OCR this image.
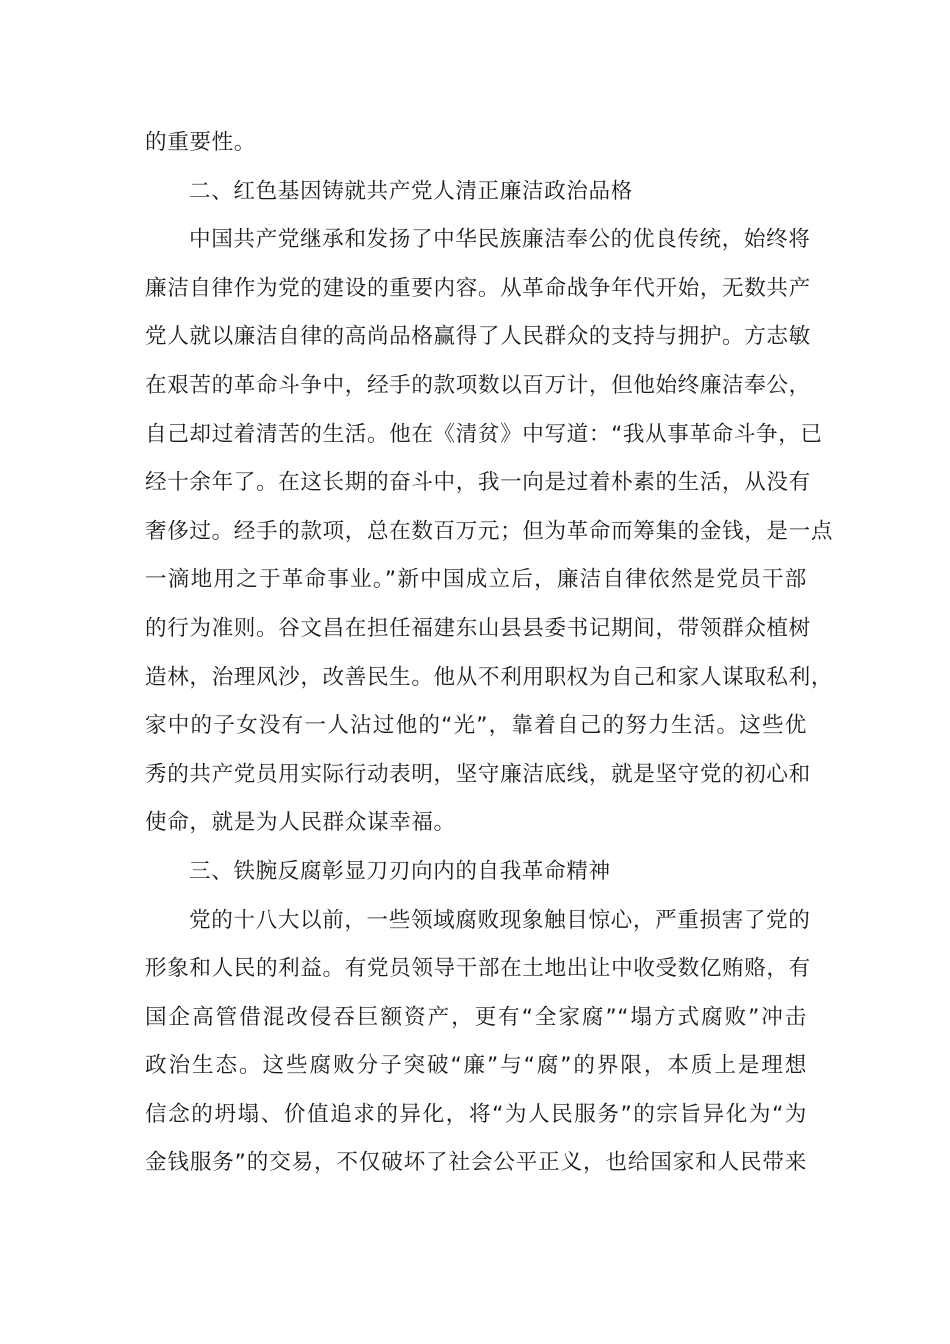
的重要性。
二、红色基因铸就共产党人清正廉洁政治品格
中国共产党继承和发扬了中华民族廉洁奉公的优良传统，始终将
廉洁自律作为党的建设的重要内容。从革命战争年代开始，无数共产
党人就以廉洁自律的高尚品格赢得了人民群众的支持与拥护。方志敏
在艰苦的革命斗争中，经手的款项数以百万计，但他始终廉洁奉公，
自己却过着清苦的生活。他在《清贫》中写道：“我从事革命斗争，已
经十余年了。在这长期的奋斗中，我一向是过着朴素的生活，从没有
奢侈过。经手的款项，总在数百万元；但为革命而筹集的金钱，是一点
一滴地用之于革命事业。”新中国成立后，廉洁自律依然是党员干部
的行为准则。谷文昌在担任福建东山县县委书记期间，带领群众植树
造林，治理风沙，改善民生。他从不利用职权为自己和家人谋取私利，
家中的子女没有一人沾过他的“光”，靠着自己的努力生活。这些优
秀的共产党员用实际行动表明，坚守廉洁底线，就是坚守党的初心和
使命，就是为人民群众谋幸福。
三、铁腕反腐彰显刀刃向内的自我革命精神
党的十八大以前，一些领域腐败现象触目惊心，严重损害了党的
形象和人民的利益。有党员领导干部在土地出让中收受数亿贿赂，有
国企高管借混改侵吞巨额资产，更有“全家腐”“塌方式腐败”冲击
政治生态。这些腐败分子突破“廉”与“腐”的界限，本质上是理想
信念的坍塌、价值追求的异化，将“为人民服务”的宗旨异化为“为
金钱服务”的交易，不仅破坏了社会公平正义，也给国家和人民带来
